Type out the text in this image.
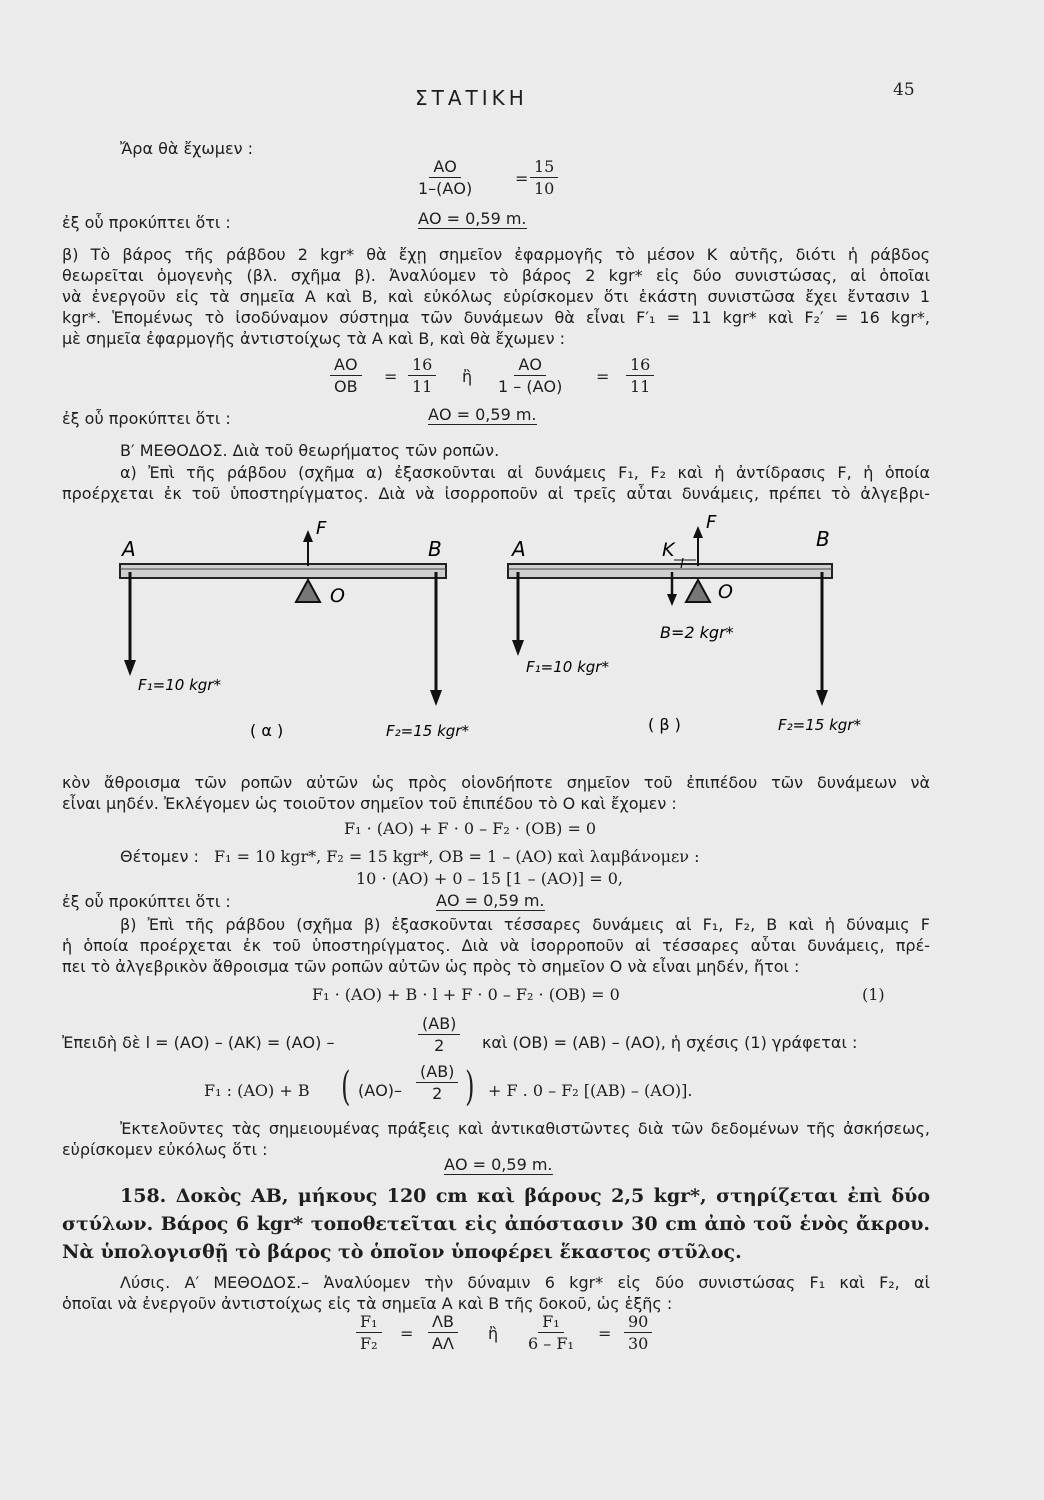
ΣΤΑΤΙΚΗ	45
Ἄρα θὰ ἔχωμεν :
$\frac{AO}{1-(AO)} = \frac{15}{10}$
ἐξ οὗ προκύπτει ὅτι :	ΑΟ = 0,59 m.
β) Τὸ βάρος τῆς ράβδου 2 kgr* θὰ ἔχῃ σημεῖον ἐφαρμογῆς τὸ μέσον Κ αὐτῆς, διότι ἡ ράβδος
θεωρεῖται ὁμογενὴς (βλ. σχῆμα β). Ἀναλύομεν τὸ βάρος 2 kgr* εἰς δύο συνιστώσας, αἱ ὁποῖαι
νὰ ἐνεργοῦν εἰς τὰ σημεῖα Α καὶ Β, καὶ εὐκόλως εὑρίσκομεν ὅτι ἑκάστη συνιστῶσα ἔχει ἔντασιν 1
kgr*. Ἑπομένως τὸ ἰσοδύναμον σύστημα τῶν δυνάμεων θὰ εἶναι F′₁ = 11 kgr* καὶ F₂′ = 16 kgr*,
μὲ σημεῖα ἐφαρμογῆς ἀντιστοίχως τὰ Α καὶ Β, καὶ θὰ ἔχωμεν :
$\frac{AO}{OB} = \frac{16}{11}$ ἢ $\frac{AO}{1 - (AO)} = \frac{16}{11}$
ἐξ οὗ προκύπτει ὅτι :	ΑΟ = 0,59 m.
Β′ ΜΕΘΟΔΟΣ. Διὰ τοῦ θεωρήματος τῶν ροπῶν.
α) Ἐπὶ τῆς ράβδου (σχῆμα α) ἐξασκοῦνται αἱ δυνάμεις F₁, F₂ καὶ ἡ ἀντίδρασις F, ἡ ὁποία
προέρχεται ἐκ τοῦ ὑποστηρίγματος. Διὰ νὰ ἰσορροποῦν αἱ τρεῖς αὗται δυνάμεις, πρέπει τὸ ἀλγεβρι-
A	B
F
O
F₁=10 kgr*
F₂=15 kgr*
( α )
A	K	B
F
l
O
B=2 kgr*
F₁=10 kgr*
F₂=15 kgr*
( β )
κὸν ἄθροισμα τῶν ροπῶν αὐτῶν ὡς πρὸς οἱονδήποτε σημεῖον τοῦ ἐπιπέδου τῶν δυνάμεων νὰ
εἶναι μηδέν. Ἐκλέγομεν ὡς τοιοῦτον σημεῖον τοῦ ἐπιπέδου τὸ Ο καὶ ἔχομεν :
F₁ · (ΑΟ) + F · 0 – F₂ · (ΟΒ) = 0
Θέτομεν : F₁ = 10 kgr*, F₂ = 15 kgr*, ΟΒ = 1 – (ΑΟ) καὶ λαμβάνομεν :
10 · (ΑΟ) + 0 – 15 [1 – (ΑΟ)] = 0,
ἐξ οὗ προκύπτει ὅτι :	ΑΟ = 0,59 m.
β) Ἐπὶ τῆς ράβδου (σχῆμα β) ἐξασκοῦνται τέσσαρες δυνάμεις αἱ F₁, F₂, Β καὶ ἡ δύναμις F
ἡ ὁποία προέρχεται ἐκ τοῦ ὑποστηρίγματος. Διὰ νὰ ἰσορροποῦν αἱ τέσσαρες αὗται δυνάμεις, πρέ-
πει τὸ ἀλγεβρικὸν ἄθροισμα τῶν ροπῶν αὐτῶν ὡς πρὸς τὸ σημεῖον Ο νὰ εἶναι μηδέν, ἤτοι :
F₁ · (ΑΟ) + Β · l + F · 0 – F₂ · (ΟΒ) = 0	(1)
Ἐπειδὴ δὲ l = (ΑΟ) – (ΑΚ) = (ΑΟ) –	$\frac{(AB)}{2}$ καὶ (ΟΒ) = (ΑΒ) – (ΑΟ), ἡ σχέσις (1) γράφεται :
F₁ : (ΑΟ) + Β ( $(AO)- \frac{(AB)}{2}$ ) + F . 0 – F₂ [(ΑΒ) – (ΑΟ)].
Ἐκτελοῦντες τὰς σημειουμένας πράξεις καὶ ἀντικαθιστῶντες διὰ τῶν δεδομένων τῆς ἀσκήσεως,
εὑρίσκομεν εὐκόλως ὅτι :
ΑΟ = 0,59 m.
158. Δοκὸς ΑΒ, μήκους 120 cm καὶ βάρους 2,5 kgr*, στηρίζεται ἐπὶ δύο
στύλων. Βάρος 6 kgr* τοποθετεῖται εἰς ἀπόστασιν 30 cm ἀπὸ τοῦ ἑνὸς ἄκρου.
Νὰ ὑπολογισθῇ τὸ βάρος τὸ ὁποῖον ὑποφέρει ἕκαστος στῦλος.
Λύσις. Α′ ΜΕΘΟΔΟΣ.– Ἀναλύομεν τὴν δύναμιν 6 kgr* εἰς δύο συνιστώσας F₁ καὶ F₂, αἱ
ὁποῖαι νὰ ἐνεργοῦν ἀντιστοίχως εἰς τὰ σημεῖα Α καὶ Β τῆς δοκοῦ, ὡς ἑξῆς :
$\frac{\text{F₁}}{\text{F₂}} = \frac{\Lambda B}{A\Lambda}$ ἢ $\frac{\text{F₁}}{\text{6 – F₁}} = \frac{90}{30}$
